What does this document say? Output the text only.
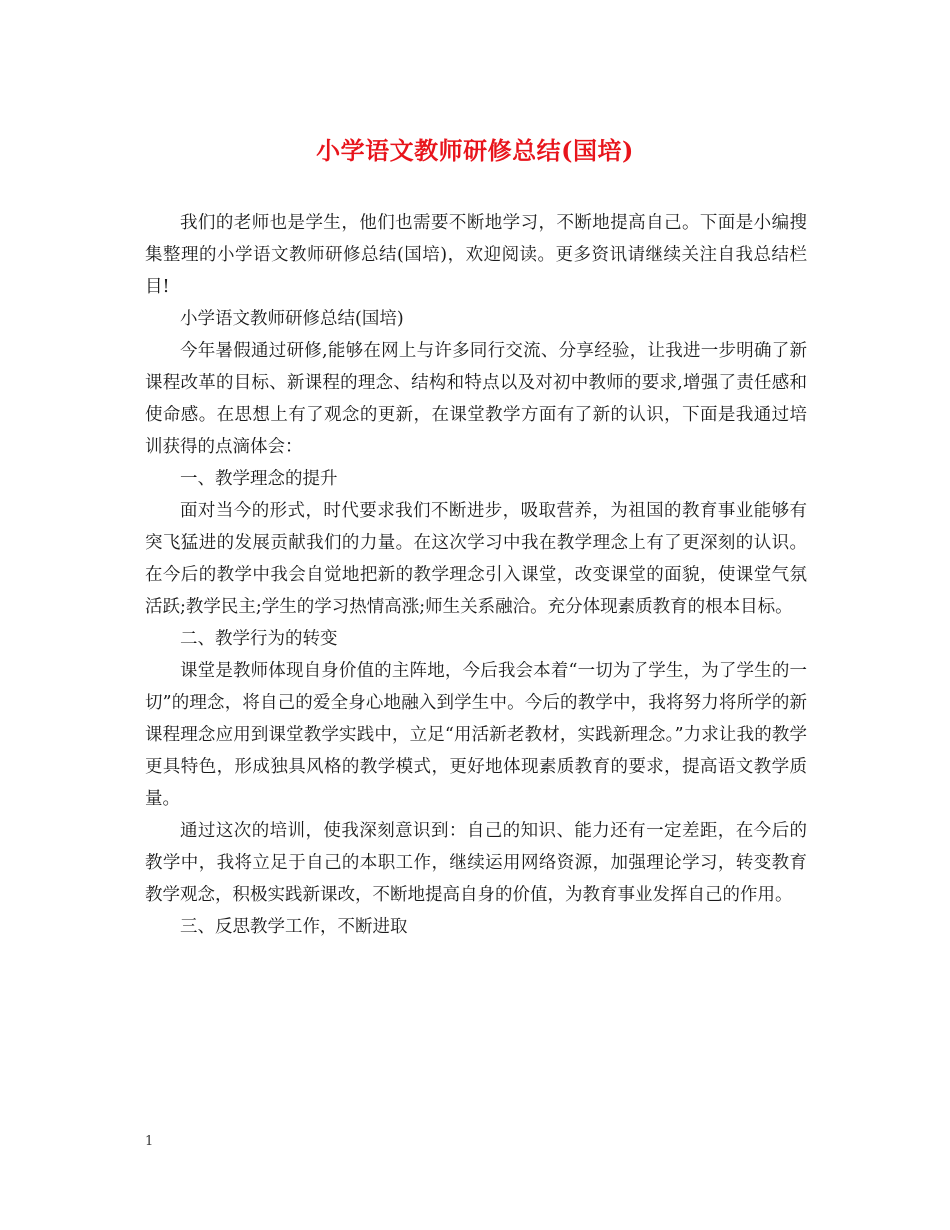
小学语文教师研修总结(国培)

我们的老师也是学生，他们也需要不断地学习，不断地提高自己。下面是小编搜集整理的小学语文教师研修总结(国培)，欢迎阅读。更多资讯请继续关注自我总结栏目!

小学语文教师研修总结(国培)

今年暑假通过研修,能够在网上与许多同行交流、分享经验，让我进一步明确了新课程改革的目标、新课程的理念、结构和特点以及对初中教师的要求,增强了责任感和使命感。在思想上有了观念的更新，在课堂教学方面有了新的认识，下面是我通过培训获得的点滴体会：

一、教学理念的提升

面对当今的形式，时代要求我们不断进步，吸取营养，为祖国的教育事业能够有突飞猛进的发展贡献我们的力量。在这次学习中我在教学理念上有了更深刻的认识。在今后的教学中我会自觉地把新的教学理念引入课堂，改变课堂的面貌，使课堂气氛活跃;教学民主;学生的学习热情高涨;师生关系融洽。充分体现素质教育的根本目标。

二、教学行为的转变

课堂是教师体现自身价值的主阵地，今后我会本着“一切为了学生，为了学生的一切”的理念，将自己的爱全身心地融入到学生中。今后的教学中，我将努力将所学的新课程理念应用到课堂教学实践中，立足“用活新老教材，实践新理念。”力求让我的教学更具特色，形成独具风格的教学模式，更好地体现素质教育的要求，提高语文教学质量。

通过这次的培训，使我深刻意识到：自己的知识、能力还有一定差距，在今后的教学中，我将立足于自己的本职工作，继续运用网络资源，加强理论学习，转变教育教学观念，积极实践新课改，不断地提高自身的价值，为教育事业发挥自己的作用。

三、反思教学工作，不断进取

1
